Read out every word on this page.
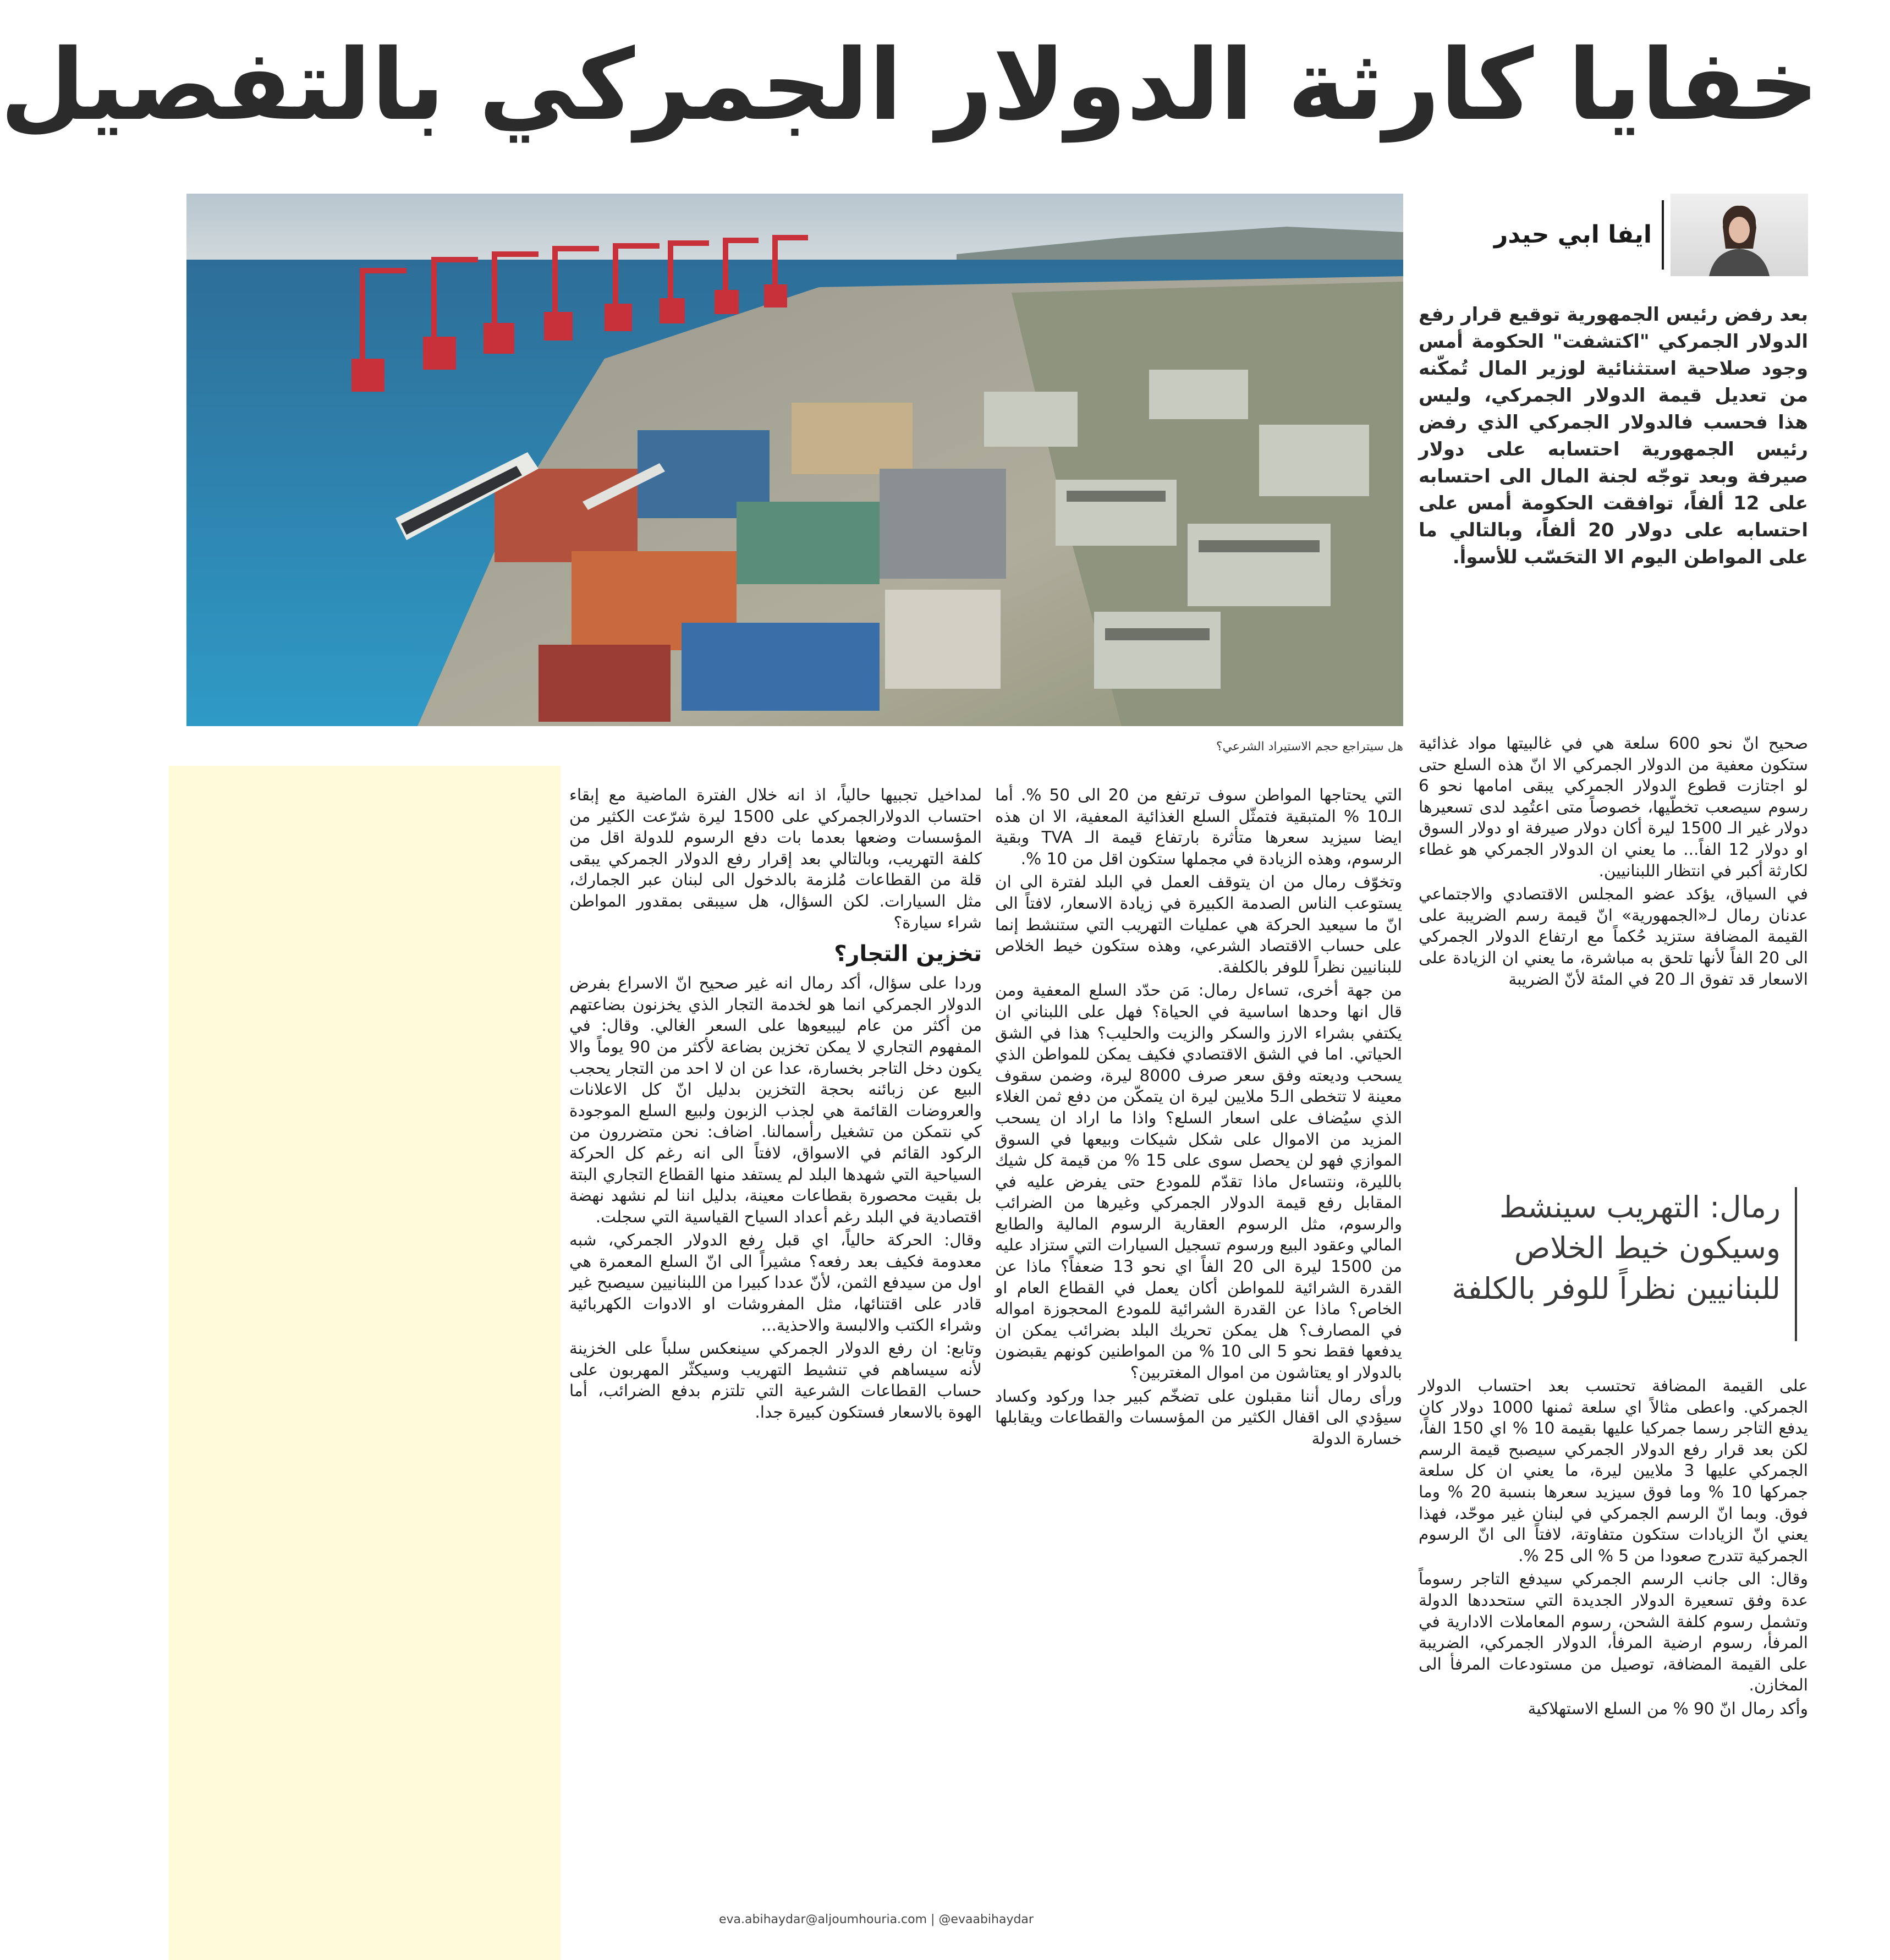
خفايا كارثة الدولار الجمركي بالتفصيل
هل سيتراجع حجم الاستيراد الشرعي؟
ايفا ابي حيدر
بعد رفض رئيس الجمهورية توقيع قرار رفع الدولار الجمركي "اكتشفت" الحكومة أمس وجود صلاحية استثنائية لوزير المال تُمكّنه من تعديل قيمة الدولار الجمركي، وليس هذا فحسب فالدولار الجمركي الذي رفض رئيس الجمهورية احتسابه على دولار صيرفة وبعد توجّه لجنة المال الى احتسابه على 12 ألفاً، توافقت الحكومة أمس على احتسابه على دولار 20 ألفاً، وبالتالي ما على المواطن اليوم الا التحَسّب للأسوأ.

صحيح انّ نحو 600 سلعة هي في غالبيتها مواد غذائية ستكون معفية من الدولار الجمركي الا انّ هذه السلع حتى لو اجتازت قطوع الدولار الجمركي يبقى امامها نحو 6 رسوم سيصعب تخطّيها، خصوصاً متى اعتُمِد لدى تسعيرها دولار غير الـ 1500 ليرة أكان دولار صيرفة او دولار السوق او دولار 12 الفاً... ما يعني ان الدولار الجمركي هو غطاء لكارثة أكبر في انتظار اللبنانيين.

في السياق، يؤكد عضو المجلس الاقتصادي والاجتماعي عدنان رمال لـ«الجمهورية» انّ قيمة رسم الضريبة على القيمة المضافة ستزيد حُكماً مع ارتفاع الدولار الجمركي الى 20 الفاً لأنها تلحق به مباشرة، ما يعني ان الزيادة على الاسعار قد تفوق الـ 20 في المئة لأنّ الضريبة

رمال: التهريب سينشط وسيكون خيط الخلاص للبنانيين نظراً للوفر بالكلفة

على القيمة المضافة تحتسب بعد احتساب الدولار الجمركي. واعطى مثالاً اي سلعة ثمنها 1000 دولار كان يدفع التاجر رسما جمركيا عليها بقيمة 10 % اي 150 الفاً، لكن بعد قرار رفع الدولار الجمركي سيصبح قيمة الرسم الجمركي عليها 3 ملايين ليرة، ما يعني ان كل سلعة جمركها 10 % وما فوق سيزيد سعرها بنسبة 20 % وما فوق. وبما انّ الرسم الجمركي في لبنان غير موحّد، فهذا يعني انّ الزيادات ستكون متفاوتة، لافتاً الى انّ الرسوم الجمركية تتدرج صعودا من 5 % الى 25 %.

وقال: الى جانب الرسم الجمركي سيدفع التاجر رسوماً عدة وفق تسعيرة الدولار الجديدة التي ستحددها الدولة وتشمل رسوم كلفة الشحن، رسوم المعاملات الادارية في المرفأ، رسوم ارضية المرفأ، الدولار الجمركي، الضريبة على القيمة المضافة، توصيل من مستودعات المرفأ الى المخازن.

وأكد رمال انّ 90 % من السلع الاستهلاكية

التي يحتاجها المواطن سوف ترتفع من 20 الى 50 %. أما الـ10 % المتبقية فتمثّل السلع الغذائية المعفية، الا ان هذه ايضا سيزيد سعرها متأثرة بارتفاع قيمة الـ TVA وبقية الرسوم، وهذه الزيادة في مجملها ستكون اقل من 10 %.

وتخوّف رمال من ان يتوقف العمل في البلد لفترة الى ان يستوعب الناس الصدمة الكبيرة في زيادة الاسعار، لافتاً الى انّ ما سيعيد الحركة هي عمليات التهريب التي ستنشط إنما على حساب الاقتصاد الشرعي، وهذه ستكون خيط الخلاص للبنانيين نظراً للوفر بالكلفة.

من جهة أخرى، تساءل رمال: مَن حدّد السلع المعفية ومن قال انها وحدها اساسية في الحياة؟ فهل على اللبناني ان يكتفي بشراء الارز والسكر والزيت والحليب؟ هذا في الشق الحياتي. اما في الشق الاقتصادي فكيف يمكن للمواطن الذي يسحب وديعته وفق سعر صرف 8000 ليرة، وضمن سقوف معينة لا تتخطى الـ5 ملايين ليرة ان يتمكّن من دفع ثمن الغلاء الذي سيُضاف على اسعار السلع؟ واذا ما اراد ان يسحب المزيد من الاموال على شكل شيكات وبيعها في السوق الموازي فهو لن يحصل سوى على 15 % من قيمة كل شيك بالليرة، ونتساءل ماذا تقدّم للمودع حتى يفرض عليه في المقابل رفع قيمة الدولار الجمركي وغيرها من الضرائب والرسوم، مثل الرسوم العقارية الرسوم المالية والطابع المالي وعقود البيع ورسوم تسجيل السيارات التي ستزاد عليه من 1500 ليرة الى 20 الفاً اي نحو 13 ضعفاً؟ ماذا عن القدرة الشرائية للمواطن أكان يعمل في القطاع العام او الخاص؟ ماذا عن القدرة الشرائية للمودع المحجوزة امواله في المصارف؟ هل يمكن تحريك البلد بضرائب يمكن ان يدفعها فقط نحو 5 الى 10 % من المواطنين كونهم يقبضون بالدولار او يعتاشون من اموال المغتربين؟

ورأى رمال أننا مقبلون على تضخّم كبير جدا وركود وكساد سيؤدي الى اقفال الكثير من المؤسسات والقطاعات ويقابلها خسارة الدولة

لمداخيل تجبيها حالياً، اذ انه خلال الفترة الماضية مع إبقاء احتساب الدولارالجمركي على 1500 ليرة شرّعت الكثير من المؤسسات وضعها بعدما بات دفع الرسوم للدولة اقل من كلفة التهريب، وبالتالي بعد إقرار رفع الدولار الجمركي يبقى قلة من القطاعات مُلزمة بالدخول الى لبنان عبر الجمارك، مثل السيارات. لكن السؤال، هل سيبقى بمقدور المواطن شراء سيارة؟

تخزين التجار؟

وردا على سؤال، أكد رمال انه غير صحيح انّ الاسراع بفرض الدولار الجمركي انما هو لخدمة التجار الذي يخزنون بضاعتهم من أكثر من عام ليبيعوها على السعر الغالي. وقال: في المفهوم التجاري لا يمكن تخزين بضاعة لأكثر من 90 يوماً والا يكون دخل التاجر بخسارة، عدا عن ان لا احد من التجار يحجب البيع عن زبائنه بحجة التخزين بدليل انّ كل الاعلانات والعروضات القائمة هي لجذب الزبون ولبيع السلع الموجودة كي نتمكن من تشغيل رأسمالنا. اضاف: نحن متضررون من الركود القائم في الاسواق، لافتاً الى انه رغم كل الحركة السياحية التي شهدها البلد لم يستفد منها القطاع التجاري البتة بل بقيت محصورة بقطاعات معينة، بدليل اننا لم نشهد نهضة اقتصادية في البلد رغم أعداد السياح القياسية التي سجلت.

وقال: الحركة حالياً، اي قبل رفع الدولار الجمركي، شبه معدومة فكيف بعد رفعه؟ مشيراً الى انّ السلع المعمرة هي اول من سيدفع الثمن، لأنّ عددا كبيرا من اللبنانيين سيصبح غير قادر على اقتنائها، مثل المفروشات او الادوات الكهربائية وشراء الكتب والالبسة والاحذية...

وتابع: ان رفع الدولار الجمركي سينعكس سلباً على الخزينة لأنه سيساهم في تنشيط التهريب وسيكثّر المهربون على حساب القطاعات الشرعية التي تلتزم بدفع الضرائب، أما الهوة بالاسعار فستكون كبيرة جدا.

eva.abihaydar@aljoumhouria.com | @evaabihaydar
